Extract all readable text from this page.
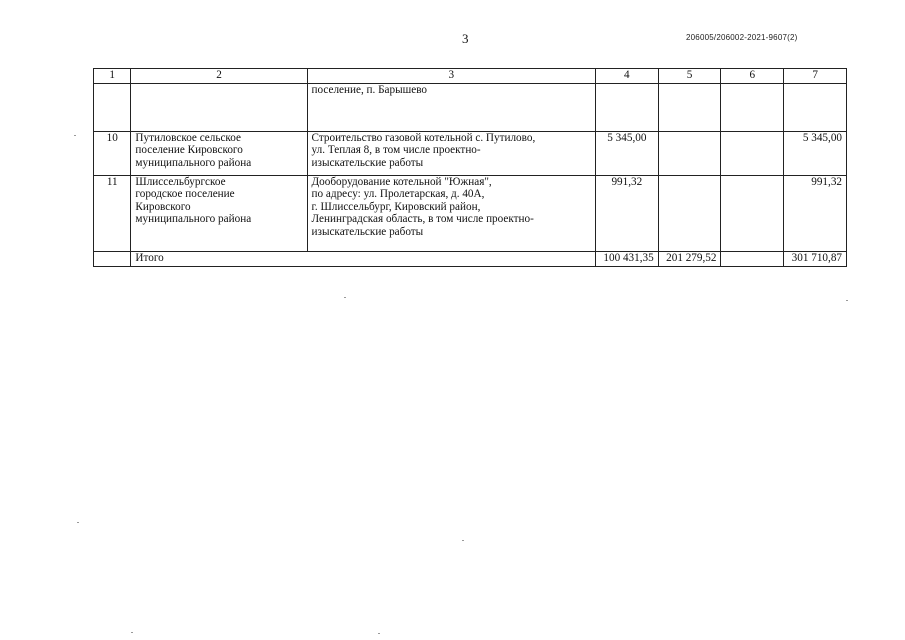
3	206005/206002-2021-9607(2)
1	2	3	4	5	6	7
		поселение, п. Барышево				
10	Путиловское сельское
поселение Кировского
муниципального района	Строительство газовой котельной с. Путилово,
ул. Теплая 8, в том числе проектно-
изыскательские работы	5 345,00			5 345,00
11	Шлиссельбургское
городское поселение
Кировского
муниципального района	Дооборудование котельной "Южная",
по адресу: ул. Пролетарская, д. 40А,
г. Шлиссельбург, Кировский район,
Ленинградская область, в том числе проектно-
изыскательские работы	991,32			991,32
	Итого		100 431,35	201 279,52		301 710,87
